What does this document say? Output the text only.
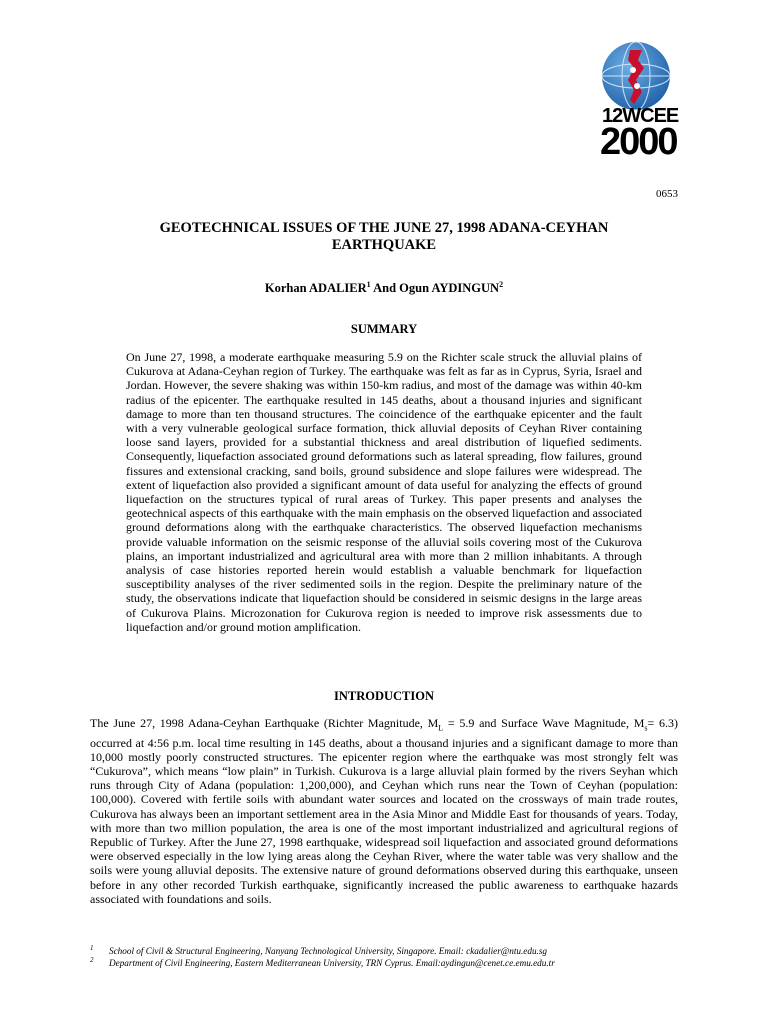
12WCEE
2000
0653
GEOTECHNICAL ISSUES OF THE JUNE 27, 1998 ADANA-CEYHAN
EARTHQUAKE
Korhan ADALIER$^1$ And Ogun AYDINGUN$^2$
SUMMARY

On June 27, 1998, a moderate earthquake measuring 5.9 on the Richter scale struck the alluvial plains of Cukurova at Adana-Ceyhan region of Turkey. The earthquake was felt as far as in Cyprus, Syria, Israel and Jordan. However, the severe shaking was within 150-km radius, and most of the damage was within 40-km radius of the epicenter. The earthquake resulted in 145 deaths, about a thousand injuries and significant damage to more than ten thousand structures. The coincidence of the earthquake epicenter and the fault with a very vulnerable geological surface formation, thick alluvial deposits of Ceyhan River containing loose sand layers, provided for a substantial thickness and areal distribution of liquefied sediments. Consequently, liquefaction associated ground deformations such as lateral spreading, flow failures, ground fissures and extensional cracking, sand boils, ground subsidence and slope failures were widespread. The extent of liquefaction also provided a significant amount of data useful for analyzing the effects of ground liquefaction on the structures typical of rural areas of Turkey. This paper presents and analyses the geotechnical aspects of this earthquake with the main emphasis on the observed liquefaction and associated ground deformations along with the earthquake characteristics. The observed liquefaction mechanisms provide valuable information on the seismic response of the alluvial soils covering most of the Cukurova plains, an important industrialized and agricultural area with more than 2 million inhabitants. A through analysis of case histories reported herein would establish a valuable benchmark for liquefaction susceptibility analyses of the river sedimented soils in the region. Despite the preliminary nature of the study, the observations indicate that liquefaction should be considered in seismic designs in the large areas of Cukurova Plains. Microzonation for Cukurova region is needed to improve risk assessments due to liquefaction and/or ground motion amplification.

INTRODUCTION

The June 27, 1998 Adana-Ceyhan Earthquake (Richter Magnitude, $M_L = 5.9$ and Surface Wave Magnitude, $M_s= 6.3$) occurred at 4:56 p.m. local time resulting in 145 deaths, about a thousand injuries and a significant damage to more than 10,000 mostly poorly constructed structures. The epicenter region where the earthquake was most strongly felt was “Cukurova”, which means “low plain” in Turkish. Cukurova is a large alluvial plain formed by the rivers Seyhan which runs through City of Adana (population: 1,200,000), and Ceyhan which runs near the Town of Ceyhan (population: 100,000). Covered with fertile soils with abundant water sources and located on the crossways of main trade routes, Cukurova has always been an important settlement area in the Asia Minor and Middle East for thousands of years. Today, with more than two million population, the area is one of the most important industrialized and agricultural regions of Republic of Turkey. After the June 27, 1998 earthquake, widespread soil liquefaction and associated ground deformations were observed especially in the low lying areas along the Ceyhan River, where the water table was very shallow and the soils were young alluvial deposits. The extensive nature of ground deformations observed during this earthquake, unseen before in any other recorded Turkish earthquake, significantly increased the public awareness to earthquake hazards associated with foundations and soils.

1 School of Civil & Structural Engineering, Nanyang Technological University, Singapore. Email: ckadalier@ntu.edu.sg
2 Department of Civil Engineering, Eastern Mediterranean University, TRN Cyprus. Email:aydingun@cenet.ce.emu.edu.tr
